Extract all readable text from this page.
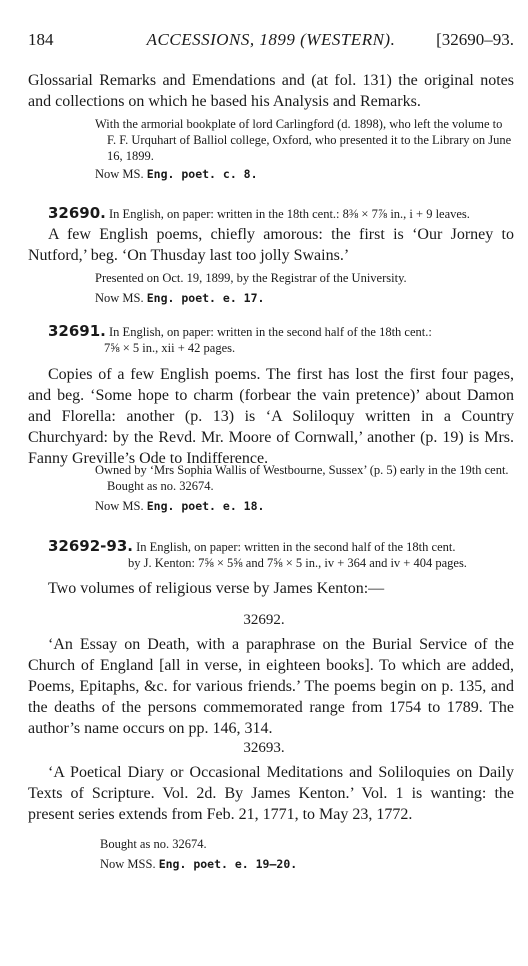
184	ACCESSIONS, 1899 (WESTERN).	[32690–93.

Glossarial Remarks and Emendations and (at fol. 131) the original notes and collections on which he based his Analysis and Remarks.

With the armorial bookplate of lord Carlingford (d. 1898), who left the volume to F. F. Urquhart of Balliol college, Oxford, who presented it to the Library on June 16, 1899.

Now MS. Eng. poet. c. 8.
32690. In English, on paper: written in the 18th cent.: 8⅜ × 7⅞ in., i + 9 leaves.

A few English poems, chiefly amorous: the first is ‘Our Jorney to Nutford,’ beg. ‘On Thusday last too jolly Swains.’

Presented on Oct. 19, 1899, by the Registrar of the University.

Now MS. Eng. poet. e. 17.
32691. In English, on paper: written in the second half of the 18th cent.:
7⅝ × 5 in., xii + 42 pages.

Copies of a few English poems. The first has lost the first four pages, and beg. ‘Some hope to charm (forbear the vain pretence)’ about Damon and Florella: another (p. 13) is ‘A Soliloquy written in a Country Churchyard: by the Revd. Mr. Moore of Cornwall,’ another (p. 19) is Mrs. Fanny Greville’s Ode to Indifference.

Owned by ‘Mrs Sophia Wallis of Westbourne, Sussex’ (p. 5) early in the 19th cent. Bought as no. 32674.

Now MS. Eng. poet. e. 18.
32692-93. In English, on paper: written in the second half of the 18th cent.
by J. Kenton: 7⅝ × 5⅝ and 7⅝ × 5 in., iv + 364 and iv + 404 pages.

Two volumes of religious verse by James Kenton:—

32692.

‘An Essay on Death, with a paraphrase on the Burial Service of the Church of England [all in verse, in eighteen books]. To which are added, Poems, Epitaphs, &c. for various friends.’ The poems begin on p. 135, and the deaths of the persons commemorated range from 1754 to 1789. The author’s name occurs on pp. 146, 314.

32693.

‘A Poetical Diary or Occasional Meditations and Soliloquies on Daily Texts of Scripture. Vol. 2d. By James Kenton.’ Vol. 1 is wanting: the present series extends from Feb. 21, 1771, to May 23, 1772.

Bought as no. 32674.

Now MSS. Eng. poet. e. 19–20.
